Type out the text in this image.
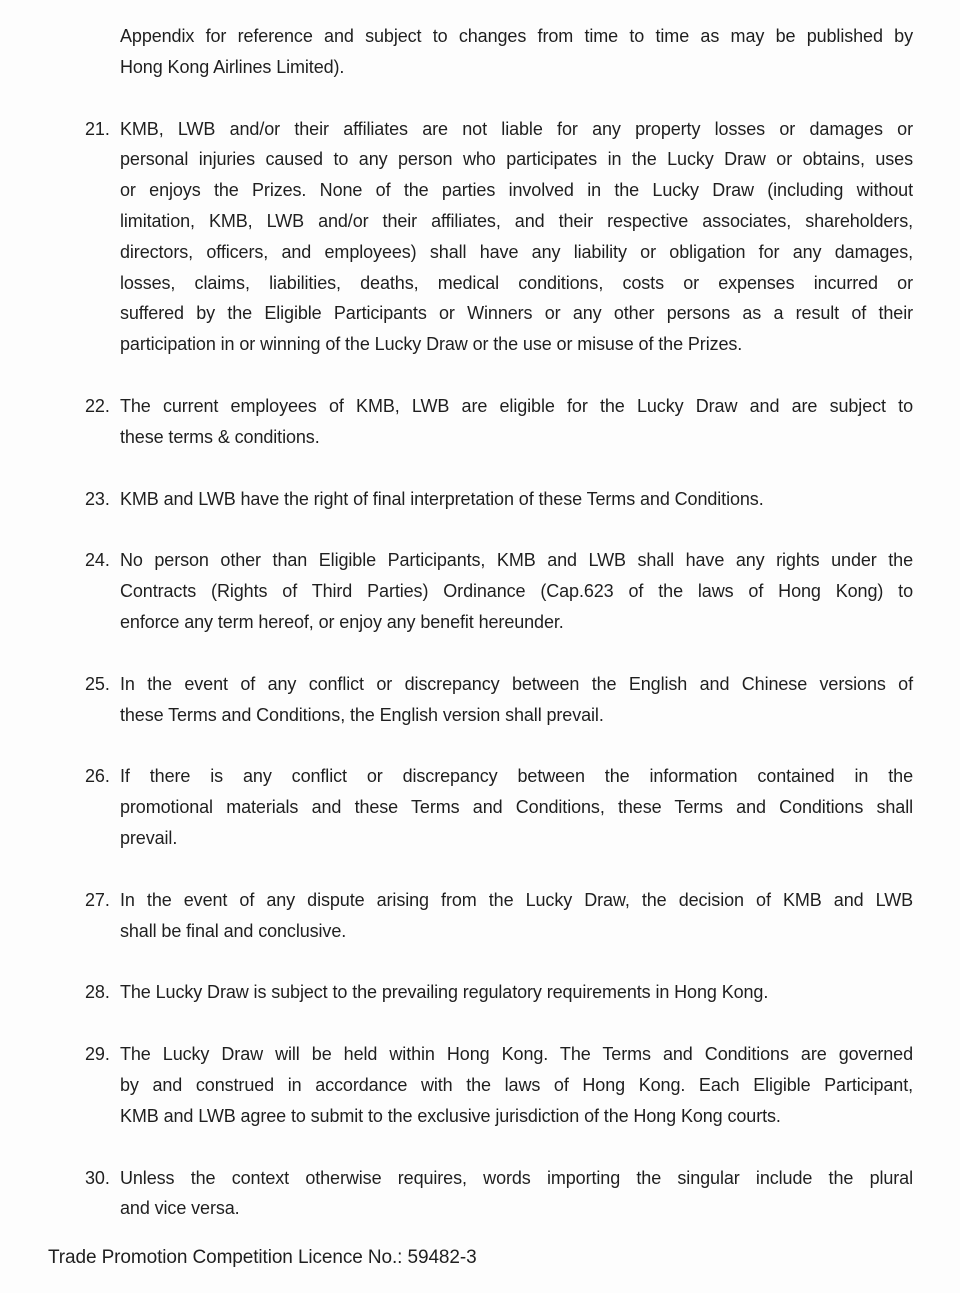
Appendix for reference and subject to changes from time to time as may be published by
Hong Kong Airlines Limited).
21. KMB, LWB and/or their affiliates are not liable for any property losses or damages or
personal injuries caused to any person who participates in the Lucky Draw or obtains, uses
or enjoys the Prizes. None of the parties involved in the Lucky Draw (including without
limitation, KMB, LWB and/or their affiliates, and their respective associates, shareholders,
directors, officers, and employees) shall have any liability or obligation for any damages,
losses, claims, liabilities, deaths, medical conditions, costs or expenses incurred or
suffered by the Eligible Participants or Winners or any other persons as a result of their
participation in or winning of the Lucky Draw or the use or misuse of the Prizes.
22. The current employees of KMB, LWB are eligible for the Lucky Draw and are subject to
these terms & conditions.
23. KMB and LWB have the right of final interpretation of these Terms and Conditions.
24. No person other than Eligible Participants, KMB and LWB shall have any rights under the
Contracts (Rights of Third Parties) Ordinance (Cap.623 of the laws of Hong Kong) to
enforce any term hereof, or enjoy any benefit hereunder.
25. In the event of any conflict or discrepancy between the English and Chinese versions of
these Terms and Conditions, the English version shall prevail.
26. If there is any conflict or discrepancy between the information contained in the
promotional materials and these Terms and Conditions, these Terms and Conditions shall
prevail.
27. In the event of any dispute arising from the Lucky Draw, the decision of KMB and LWB
shall be final and conclusive.
28. The Lucky Draw is subject to the prevailing regulatory requirements in Hong Kong.
29. The Lucky Draw will be held within Hong Kong. The Terms and Conditions are governed
by and construed in accordance with the laws of Hong Kong. Each Eligible Participant,
KMB and LWB agree to submit to the exclusive jurisdiction of the Hong Kong courts.
30. Unless the context otherwise requires, words importing the singular include the plural
and vice versa.
Trade Promotion Competition Licence No.: 59482-3
